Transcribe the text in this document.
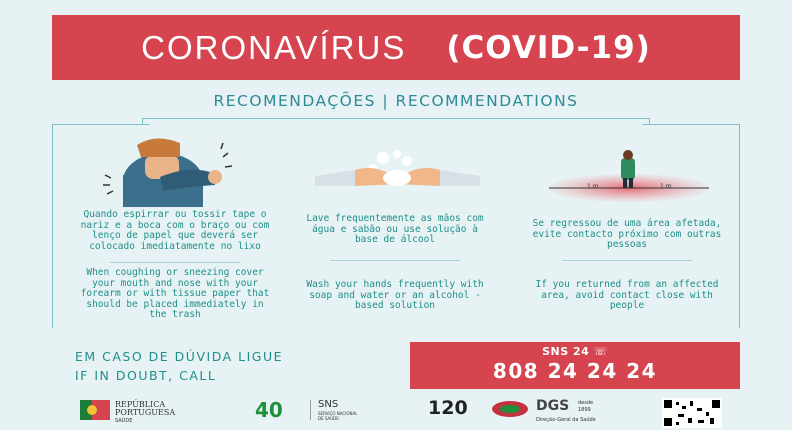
CORONAVÍRUS (COVID-19)
RECOMENDAÇÕES | RECOMMENDATIONS
1 m	1 m
Quando espirrar ou tossir tape o nariz e a boca com o braço ou com lenço de papel que deverá ser colocado imediatamente no lixo
When coughing or sneezing cover your mouth and nose with your forearm or with tissue paper that should be placed immediately in the trash
Lave frequentemente as mãos com água e sabão ou use solução à base de álcool
Wash your hands frequently with soap and water or an alcohol -based solution
Se regressou de uma área afetada, evite contacto próximo com outras pessoas
If you returned from an affected area, avoid contact close with people
EM CASO DE DÚVIDA LIGUE
IF IN DOUBT, CALL
SNS 24 ☏
808 24 24 24
REPÚBLICA
PORTUGUESA
SAÚDE	40	SNS
SERVIÇO NACIONAL DE SAÚDE	120	DGS desde
1899
Direção-Geral da Saúde
